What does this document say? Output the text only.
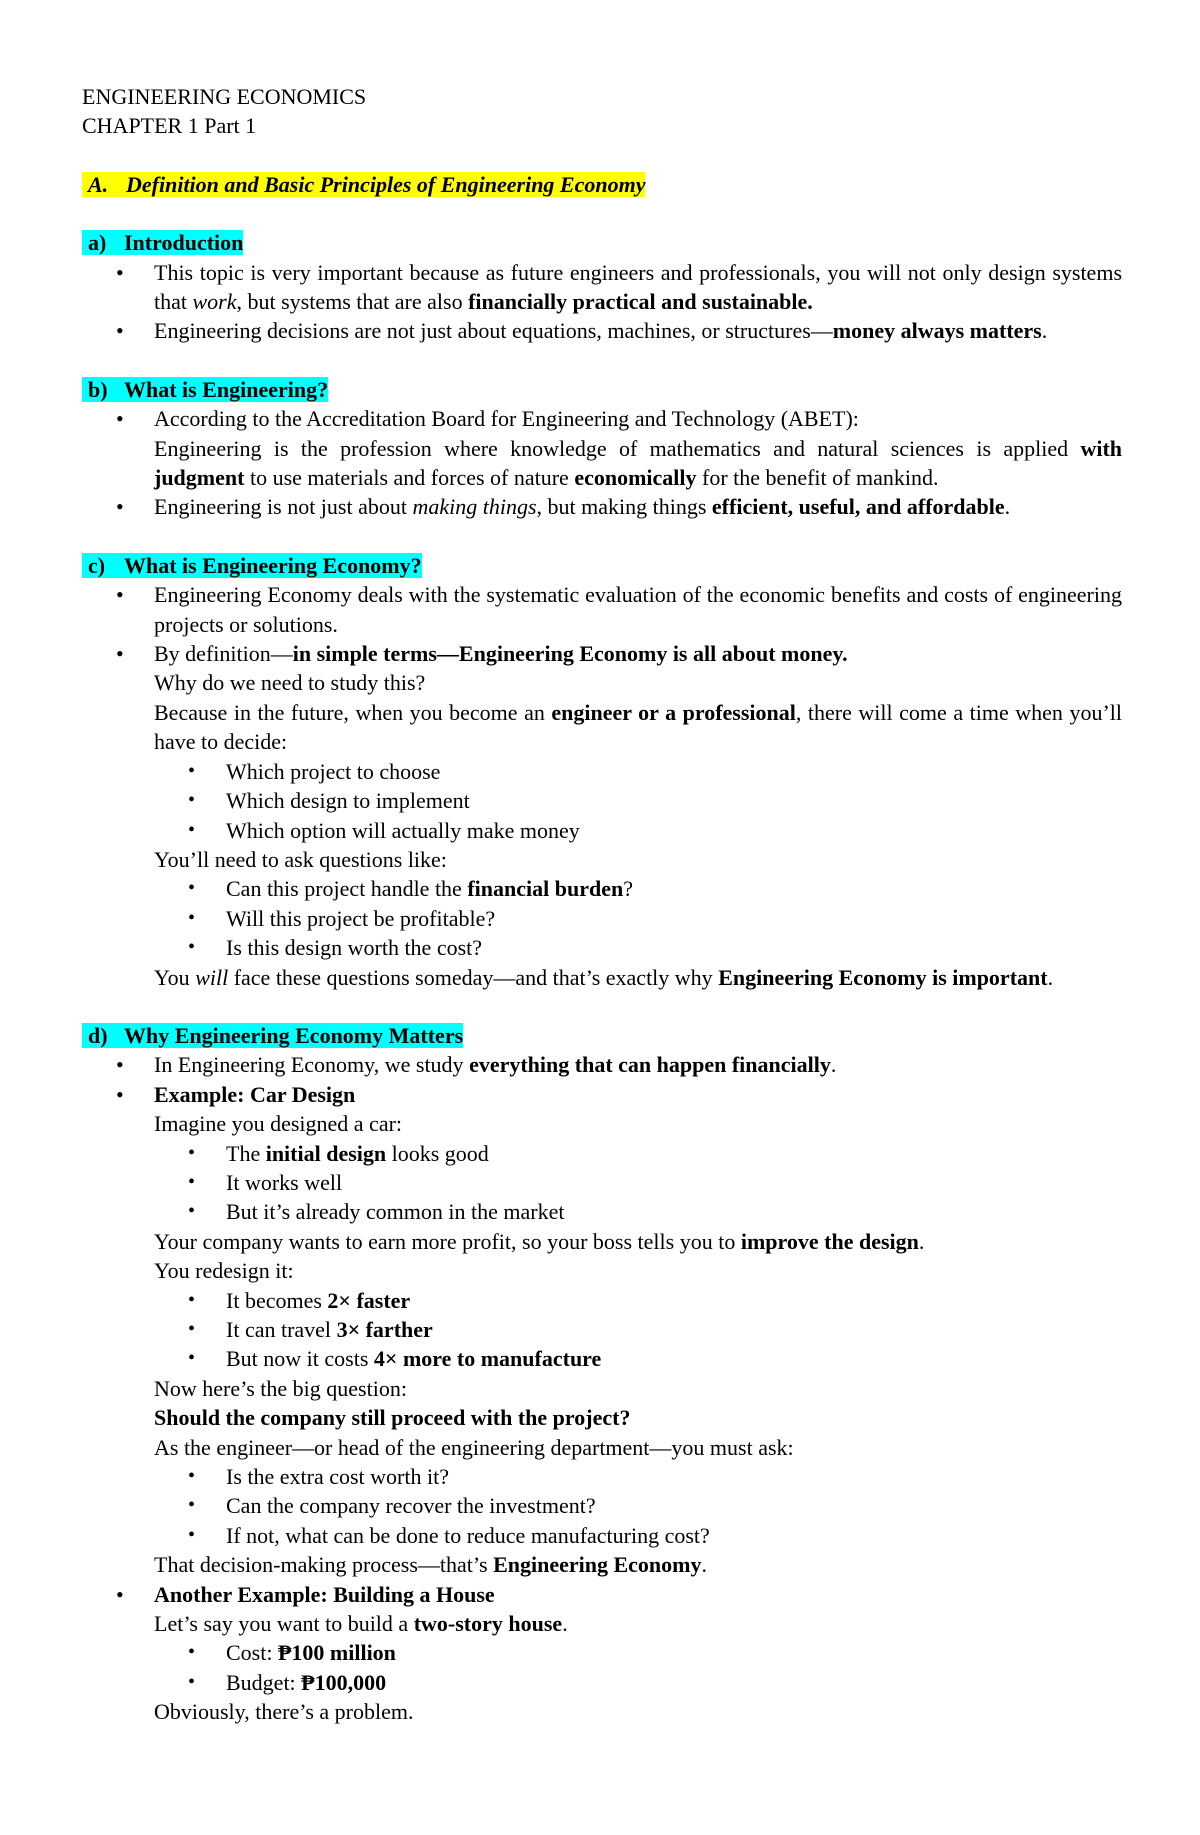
ENGINEERING ECONOMICS
CHAPTER 1 Part 1
A. Definition and Basic Principles of Engineering Economy
a) Introduction
• This topic is very important because as future engineers and professionals, you will not only design systems that work, but systems that are also financially practical and sustainable.
• Engineering decisions are not just about equations, machines, or structures—money always matters.
b) What is Engineering?
• According to the Accreditation Board for Engineering and Technology (ABET):
Engineering is the profession where knowledge of mathematics and natural sciences is applied with judgment to use materials and forces of nature economically for the benefit of mankind.
• Engineering is not just about making things, but making things efficient, useful, and affordable.
c) What is Engineering Economy?
• Engineering Economy deals with the systematic evaluation of the economic benefits and costs of engineering projects or solutions.
• By definition—in simple terms—Engineering Economy is all about money.
Why do we need to study this?
Because in the future, when you become an engineer or a professional, there will come a time when you’ll have to decide:
• Which project to choose
• Which design to implement
• Which option will actually make money
You’ll need to ask questions like:
• Can this project handle the financial burden?
• Will this project be profitable?
• Is this design worth the cost?
You will face these questions someday—and that’s exactly why Engineering Economy is important.
d) Why Engineering Economy Matters
• In Engineering Economy, we study everything that can happen financially.
• Example: Car Design
Imagine you designed a car:
• The initial design looks good
• It works well
• But it’s already common in the market
Your company wants to earn more profit, so your boss tells you to improve the design.
You redesign it:
• It becomes 2× faster
• It can travel 3× farther
• But now it costs 4× more to manufacture
Now here’s the big question:
Should the company still proceed with the project?
As the engineer—or head of the engineering department—you must ask:
• Is the extra cost worth it?
• Can the company recover the investment?
• If not, what can be done to reduce manufacturing cost?
That decision-making process—that’s Engineering Economy.
• Another Example: Building a House
Let’s say you want to build a two-story house.
• Cost: ₱100 million
• Budget: ₱100,000
Obviously, there’s a problem.
